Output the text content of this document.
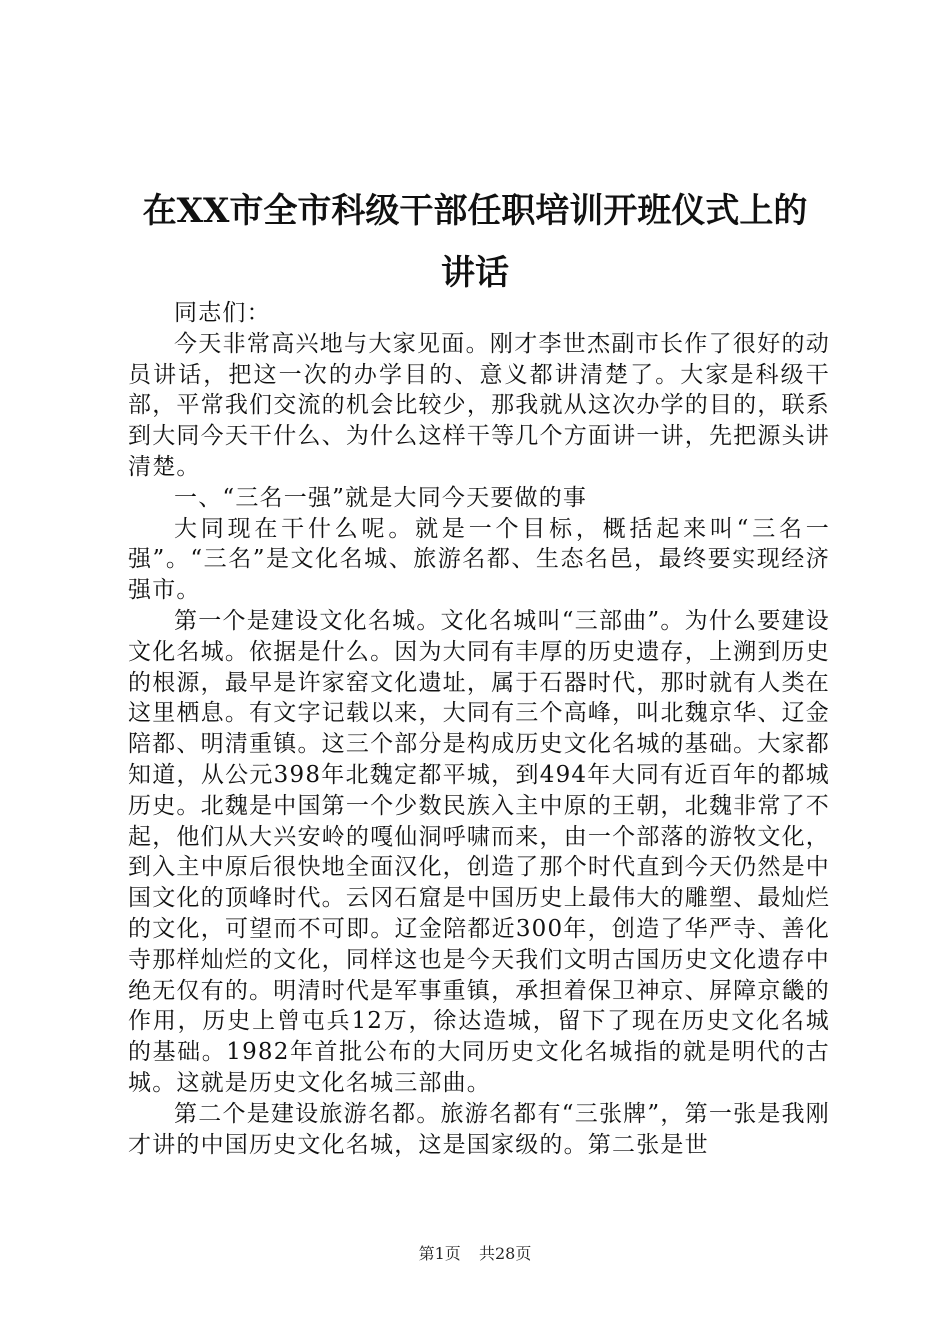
在XX市全市科级干部任职培训开班仪式上的
讲话

同志们：

今天非常高兴地与大家见面。刚才李世杰副市长作了很好的动员讲话，把这一次的办学目的、意义都讲清楚了。大家是科级干部，平常我们交流的机会比较少，那我就从这次办学的目的，联系到大同今天干什么、为什么这样干等几个方面讲一讲，先把源头讲清楚。

一、“三名一强”就是大同今天要做的事

大同现在干什么呢。就是一个目标，概括起来叫“三名一强”。“三名”是文化名城、旅游名都、生态名邑，最终要实现经济强市。

第一个是建设文化名城。文化名城叫“三部曲”。为什么要建设文化名城。依据是什么。因为大同有丰厚的历史遗存，上溯到历史的根源，最早是许家窑文化遗址，属于石器时代，那时就有人类在这里栖息。有文字记载以来，大同有三个高峰，叫北魏京华、辽金陪都、明清重镇。这三个部分是构成历史文化名城的基础。大家都知道，从公元398年北魏定都平城，到494年大同有近百年的都城历史。北魏是中国第一个少数民族入主中原的王朝，北魏非常了不起，他们从大兴安岭的嘎仙洞呼啸而来，由一个部落的游牧文化，到入主中原后很快地全面汉化，创造了那个时代直到今天仍然是中国文化的顶峰时代。云冈石窟是中国历史上最伟大的雕塑、最灿烂的文化，可望而不可即。辽金陪都近300年，创造了华严寺、善化寺那样灿烂的文化，同样这也是今天我们文明古国历史文化遗存中绝无仅有的。明清时代是军事重镇，承担着保卫神京、屏障京畿的作用，历史上曾屯兵12万，徐达造城，留下了现在历史文化名城的基础。1982年首批公布的大同历史文化名城指的就是明代的古城。这就是历史文化名城三部曲。

第二个是建设旅游名都。旅游名都有“三张牌”，第一张是我刚才讲的中国历史文化名城，这是国家级的。第二张是世

第1页 共28页
